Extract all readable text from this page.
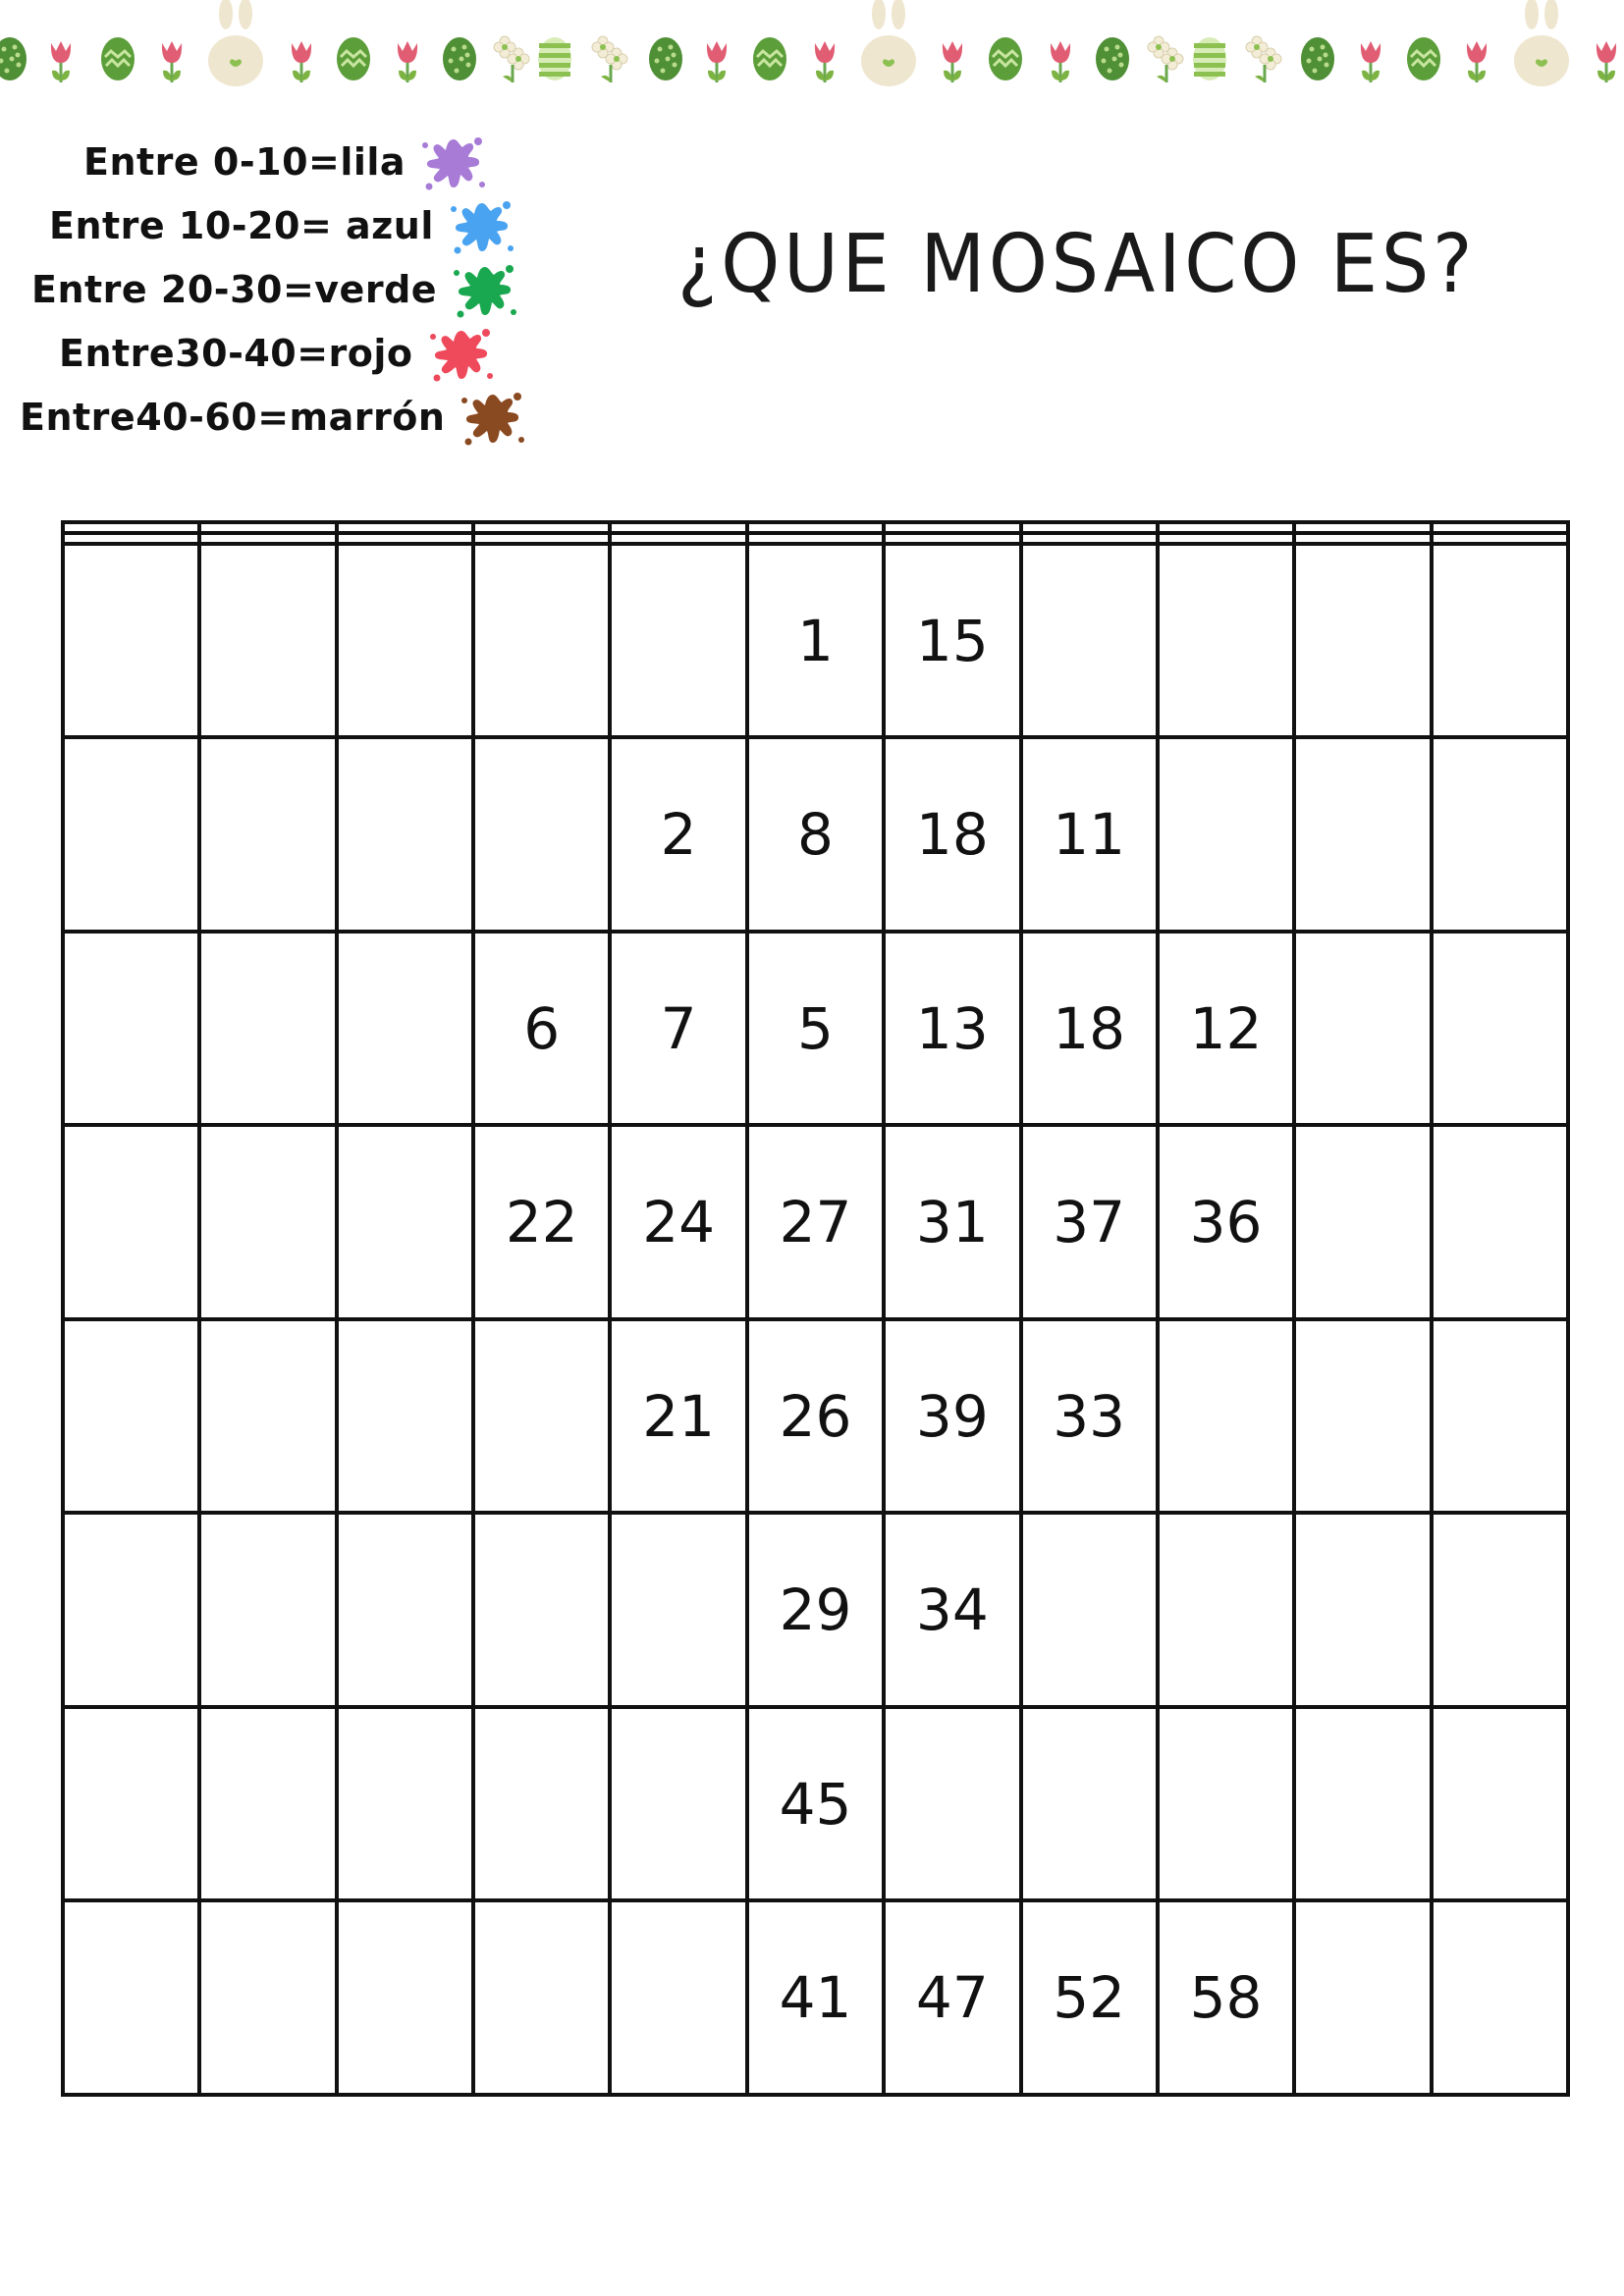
Entre 0-10=lila
Entre 10-20= azul
Entre 20-30=verde
Entre30-40=rojo
Entre40-60=marrón
¿QUE MOSAICO ES?

					1	15				
				2	8	18	11			
			6	7	5	13	18	12		
			22	24	27	31	37	36		
				21	26	39	33			
					29	34				
					45					
					41	47	52	58		
